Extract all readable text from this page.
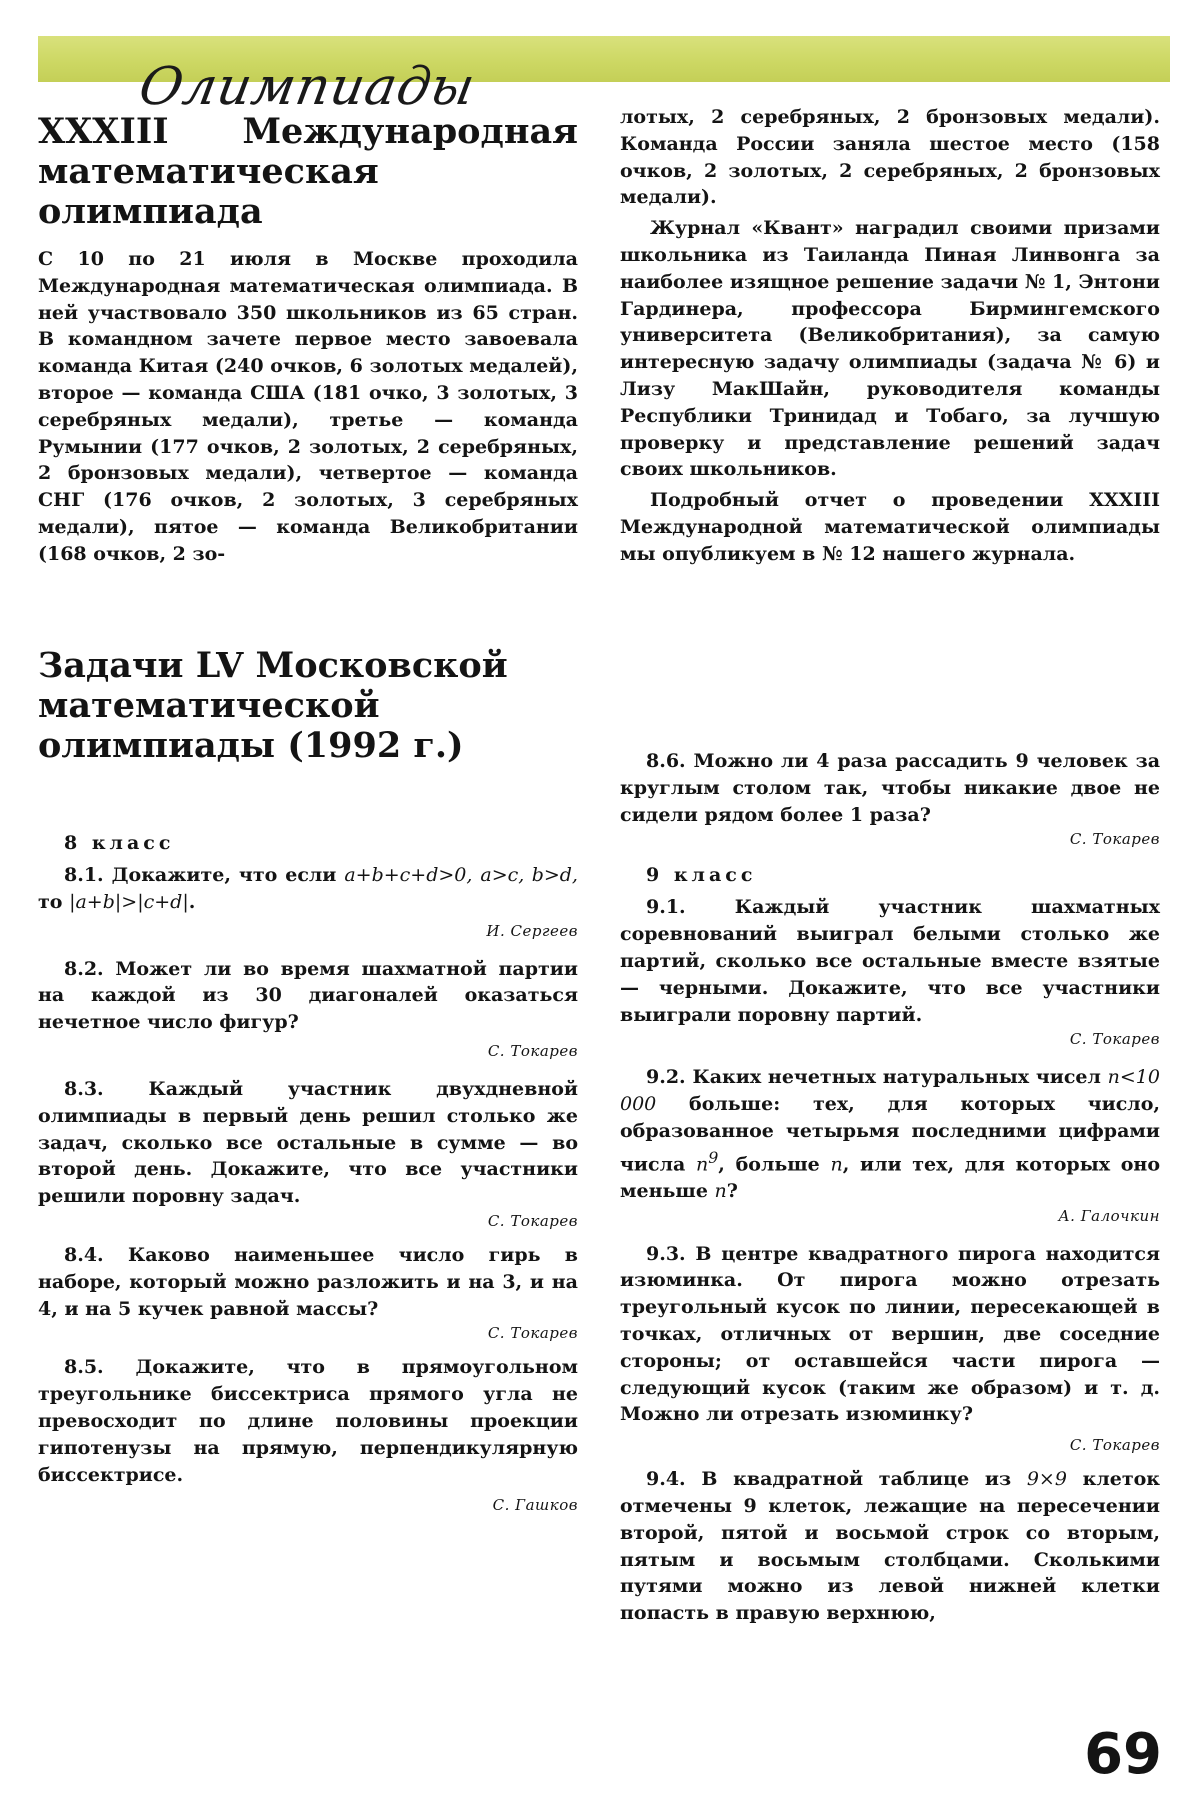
Олимпиады
XXXIII Международная математическая олимпиада

С 10 по 21 июля в Москве проходила Международная математическая олимпиада. В ней участвовало 350 школьников из 65 стран. В командном зачете первое место завоевала команда Китая (240 очков, 6 золотых медалей), второе — команда США (181 очко, 3 золотых, 3 серебряных медали), третье — команда Румынии (177 очков, 2 золотых, 2 серебряных, 2 бронзовых медали), четвертое — команда СНГ (176 очков, 2 золотых, 3 серебряных медали), пятое — команда Великобритании (168 очков, 2 зо-

лотых, 2 серебряных, 2 бронзовых медали). Команда России заняла шестое место (158 очков, 2 золотых, 2 серебряных, 2 бронзовых медали).

Журнал «Квант» наградил своими призами школьника из Таиланда Пиная Линвонга за наиболее изящное решение задачи № 1, Энтони Гардинера, профессора Бирмингемского университета (Великобритания), за самую интересную задачу олимпиады (задача № 6) и Лизу МакШайн, руководителя команды Республики Тринидад и Тобаго, за лучшую проверку и представление решений задач своих школьников.

Подробный отчет о проведении XXXIII Международной математической олимпиады мы опубликуем в № 12 нашего журнала.

Задачи LV Московской математической олимпиады (1992 г.)

8 класс

8.1. Докажите, что если a+b+c+d>0, a>c, b>d, то |a+b|>|c+d|.

И. Сергеев

8.2. Может ли во время шахматной партии на каждой из 30 диагоналей оказаться нечетное число фигур?

С. Токарев

8.3. Каждый участник двухдневной олимпиады в первый день решил столько же задач, сколько все остальные в сумме — во второй день. Докажите, что все участники решили поровну задач.

С. Токарев

8.4. Каково наименьшее число гирь в наборе, который можно разложить и на 3, и на 4, и на 5 кучек равной массы?

С. Токарев

8.5. Докажите, что в прямоугольном треугольнике биссектриса прямого угла не превосходит по длине половины проекции гипотенузы на прямую, перпендикулярную биссектрисе.

С. Гашков

8.6. Можно ли 4 раза рассадить 9 человек за круглым столом так, чтобы никакие двое не сидели рядом более 1 раза?

С. Токарев

9 класс

9.1.	Каждый участник шахматных соревнований выиграл белыми столько же партий, сколько все остальные вместе взятые — черными. Докажите, что все участники выиграли поровну партий.

С. Токарев

9.2. Каких нечетных натуральных чисел n<10 000 больше: тех, для которых число, образованное четырьмя последними цифрами числа $n^9$, больше n, или тех, для которых оно меньше n?

А. Галочкин

9.3. В центре квадратного пирога находится изюминка. От пирога можно отрезать треугольный кусок по линии, пересекающей в точках, отличных от вершин, две соседние стороны; от оставшейся части пирога — следующий кусок (таким же образом) и т. д. Можно ли отрезать изюминку?

С. Токарев

9.4. В квадратной таблице из 9×9 клеток отмечены 9 клеток, лежащие на пересечении второй, пятой и восьмой строк со вторым, пятым и восьмым столбцами. Сколькими путями можно из левой нижней клетки попасть в правую верхнюю,

69
